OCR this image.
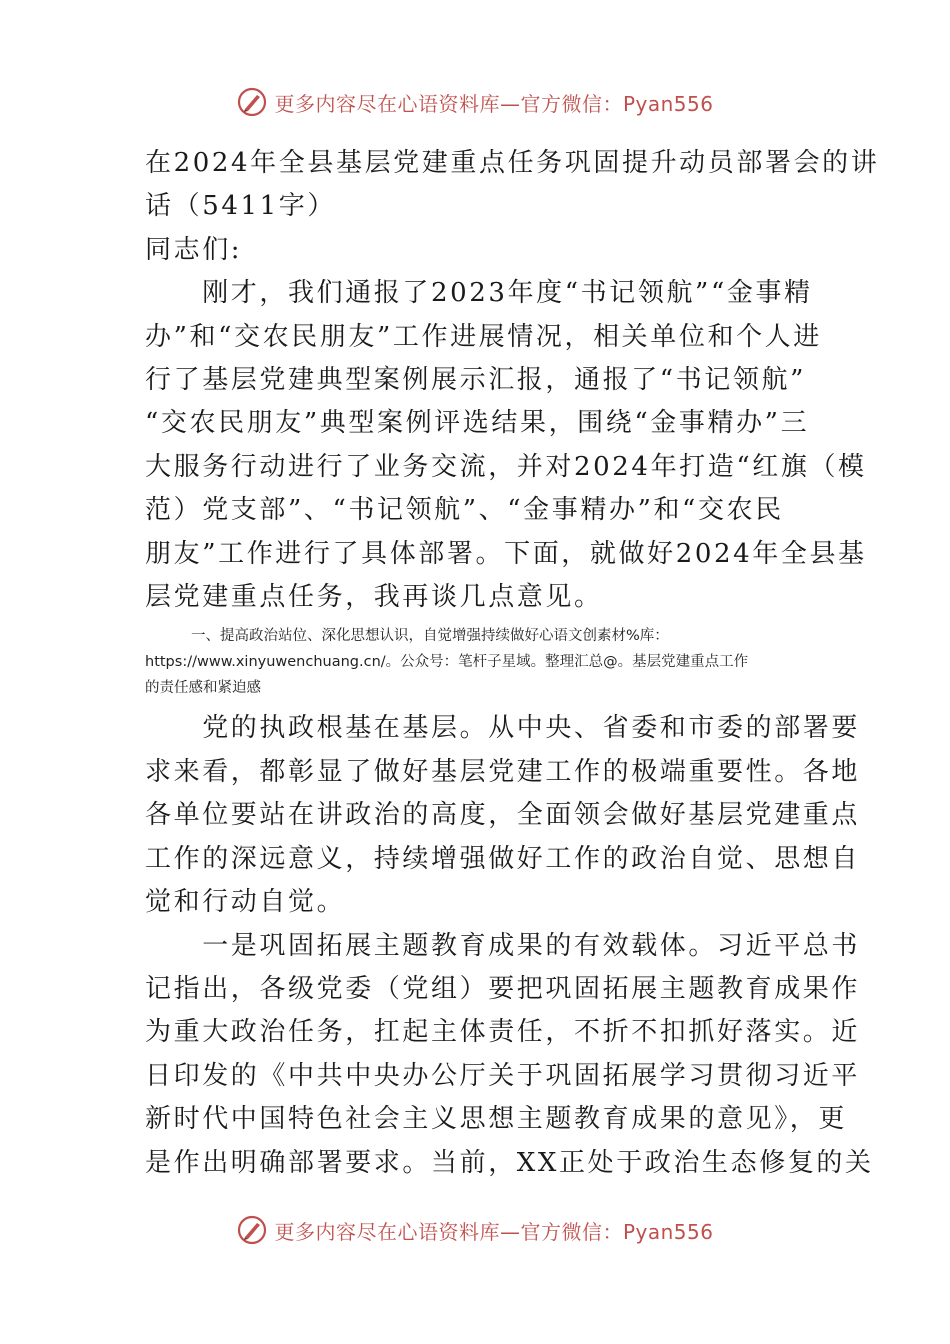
更多内容尽在心语资料库—官方微信：Pyan556

在2024年全县基层党建重点任务巩固提升动员部署会的讲

话（5411字）

同志们:

　　刚才，我们通报了2023年度“书记领航”“金事精

办”和“交农民朋友”工作进展情况，相关单位和个人进

行了基层党建典型案例展示汇报，通报了“书记领航”

“交农民朋友”典型案例评选结果，围绕“金事精办”三

大服务行动进行了业务交流，并对2024年打造“红旗（模

范）党支部”、“书记领航”、“金事精办”和“交农民

朋友”工作进行了具体部署。下面，就做好2024年全县基

层党建重点任务，我再谈几点意见。

一、提高政治站位、深化思想认识，自觉增强持续做好心语文创素材%库：

https://www.xinyuwenchuang.cn/。公众号：笔杆子星域。整理汇总@。基层党建重点工作

的责任感和紧迫感

　　党的执政根基在基层。从中央、省委和市委的部署要

求来看，都彰显了做好基层党建工作的极端重要性。各地

各单位要站在讲政治的高度，全面领会做好基层党建重点

工作的深远意义，持续增强做好工作的政治自觉、思想自

觉和行动自觉。

　　一是巩固拓展主题教育成果的有效载体。习近平总书

记指出，各级党委（党组）要把巩固拓展主题教育成果作

为重大政治任务，扛起主体责任，不折不扣抓好落实。近

日印发的《中共中央办公厅关于巩固拓展学习贯彻习近平

新时代中国特色社会主义思想主题教育成果的意见》，更

是作出明确部署要求。当前，XX正处于政治生态修复的关

更多内容尽在心语资料库—官方微信：Pyan556
